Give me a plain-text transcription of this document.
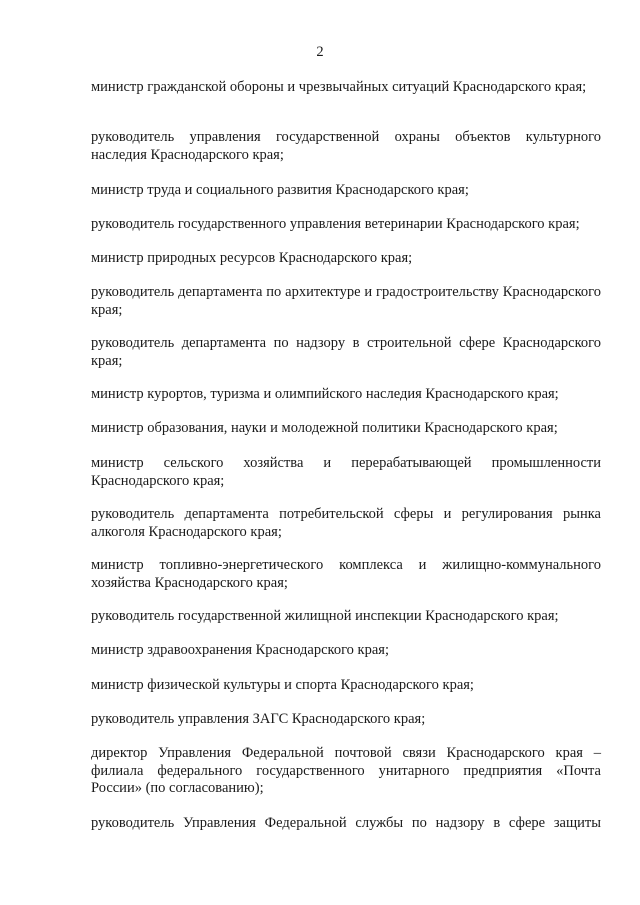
2

министр гражданской обороны и чрезвычайных ситуаций Краснодарского края;

руководитель управления государственной охраны объектов культурного наследия Краснодарского края;

министр труда и социального развития Краснодарского края;

руководитель государственного управления ветеринарии Краснодарского края;

министр природных ресурсов Краснодарского края;

руководитель департамента по архитектуре и градостроительству Краснодарского края;

руководитель департамента по надзору в строительной сфере Краснодарского края;

министр курортов, туризма и олимпийского наследия Краснодарского края;

министр образования, науки и молодежной политики Краснодарского края;

министр сельского хозяйства и перерабатывающей промышленности Краснодарского края;

руководитель департамента потребительской сферы и регулирования рынка алкоголя Краснодарского края;

министр топливно-энергетического комплекса и жилищно-коммунального хозяйства Краснодарского края;

руководитель государственной жилищной инспекции Краснодарского края;

министр здравоохранения Краснодарского края;

министр физической культуры и спорта Краснодарского края;

руководитель управления ЗАГС Краснодарского края;

директор Управления Федеральной почтовой связи Краснодарского края – филиала федерального государственного унитарного предприятия «Почта России» (по согласованию);

руководитель Управления Федеральной службы по надзору в сфере защиты
